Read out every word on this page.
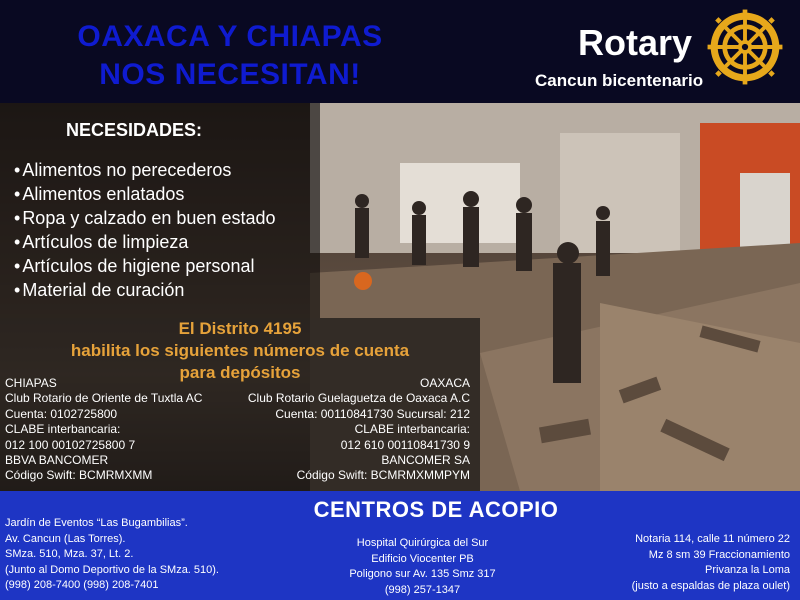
OAXACA Y CHIAPAS
NOS NECESITAN!
Rotary
Cancun bicentenario
NECESIDADES:
• Alimentos no perecederos
• Alimentos enlatados
• Ropa y calzado en buen estado
• Artículos de limpieza
• Artículos de higiene personal
• Material de curación
El Distrito 4195
habilita los siguientes números de cuenta
para depósitos
CHIAPAS
Club Rotario de Oriente de Tuxtla AC
Cuenta: 0102725800
CLABE interbancaria:
012 100 00102725800 7
BBVA BANCOMER
Código Swift: BCMRMXMM
OAXACA
Club Rotario Guelaguetza de Oaxaca A.C
Cuenta: 00110841730 Sucursal: 212
CLABE interbancaria:
012 610 00110841730 9
BANCOMER SA
Código Swift: BCMRMXMMPYM
CENTROS DE ACOPIO
Jardín de Eventos “Las Bugambilias”.
Av. Cancun (Las Torres).
SMza. 510, Mza. 37, Lt. 2.
(Junto al Domo Deportivo de la SMza. 510).
(998) 208-7400 (998) 208-7401
Hospital Quirúrgica del Sur
Edificio Viocenter PB
Poligono sur Av. 135 Smz 317
(998) 257-1347
Notaria 114, calle 11 número 22
Mz 8 sm 39 Fraccionamiento
Privanza la Loma
(justo a espaldas de plaza oulet)
